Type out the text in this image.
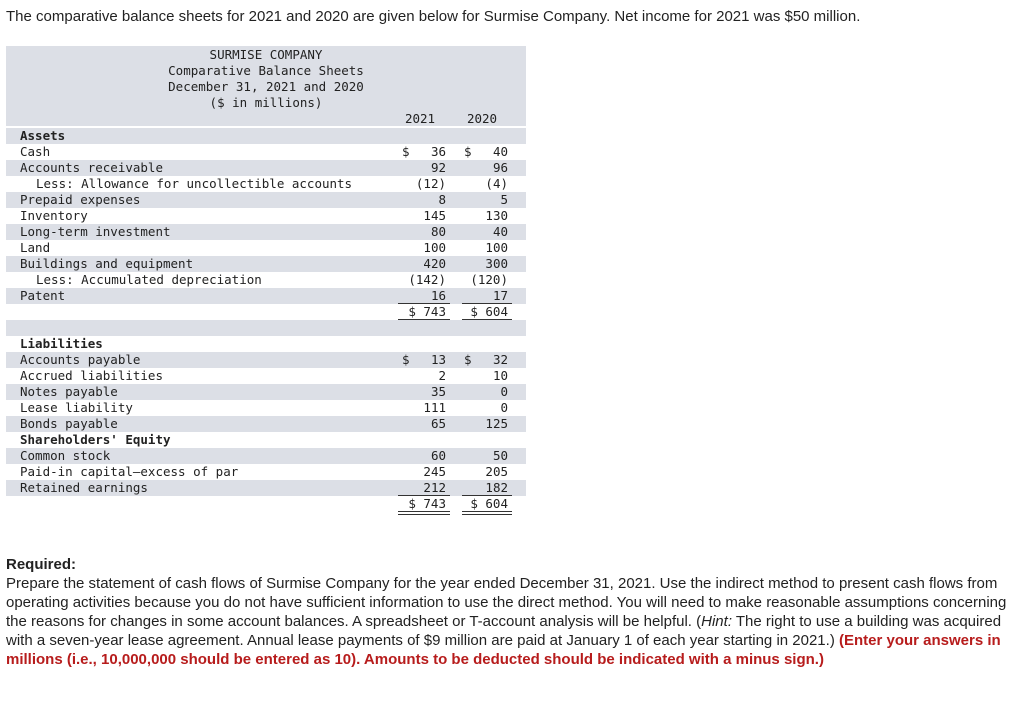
The comparative balance sheets for 2021 and 2020 are given below for Surmise Company. Net income for 2021 was $50 million.
SURMISE COMPANY
Comparative Balance Sheets
December 31, 2021 and 2020
($ in millions)
2021	2020
Assets
Cash	36	40
$	$
Accounts receivable	92	96
Less: Allowance for uncollectible accounts	(12)	(4)
Prepaid expenses	8	5
Inventory	145	130
Long-term investment	80	40
Land	100	100
Buildings and equipment	420	300
Less: Accumulated depreciation	(142)	(120)
Patent	16	17
$ 743	$ 604
Liabilities
Accounts payable	13	32
$	$
Accrued liabilities	2	10
Notes payable	35	0
Lease liability	111	0
Bonds payable	65	125
Shareholders' Equity
Common stock	60	50
Paid-in capital—excess of par	245	205
Retained earnings	212	182
$ 743	$ 604
Required:
Prepare the statement of cash flows of Surmise Company for the year ended December 31, 2021. Use the indirect method to present cash flows from operating activities because you do not have sufficient information to use the direct method. You will need to make reasonable assumptions concerning the reasons for changes in some account balances. A spreadsheet or T-account analysis will be helpful. (Hint: The right to use a building was acquired with a seven-year lease agreement. Annual lease payments of $9 million are paid at January 1 of each year starting in 2021.) (Enter your answers in millions (i.e., 10,000,000 should be entered as 10). Amounts to be deducted should be indicated with a minus sign.)
